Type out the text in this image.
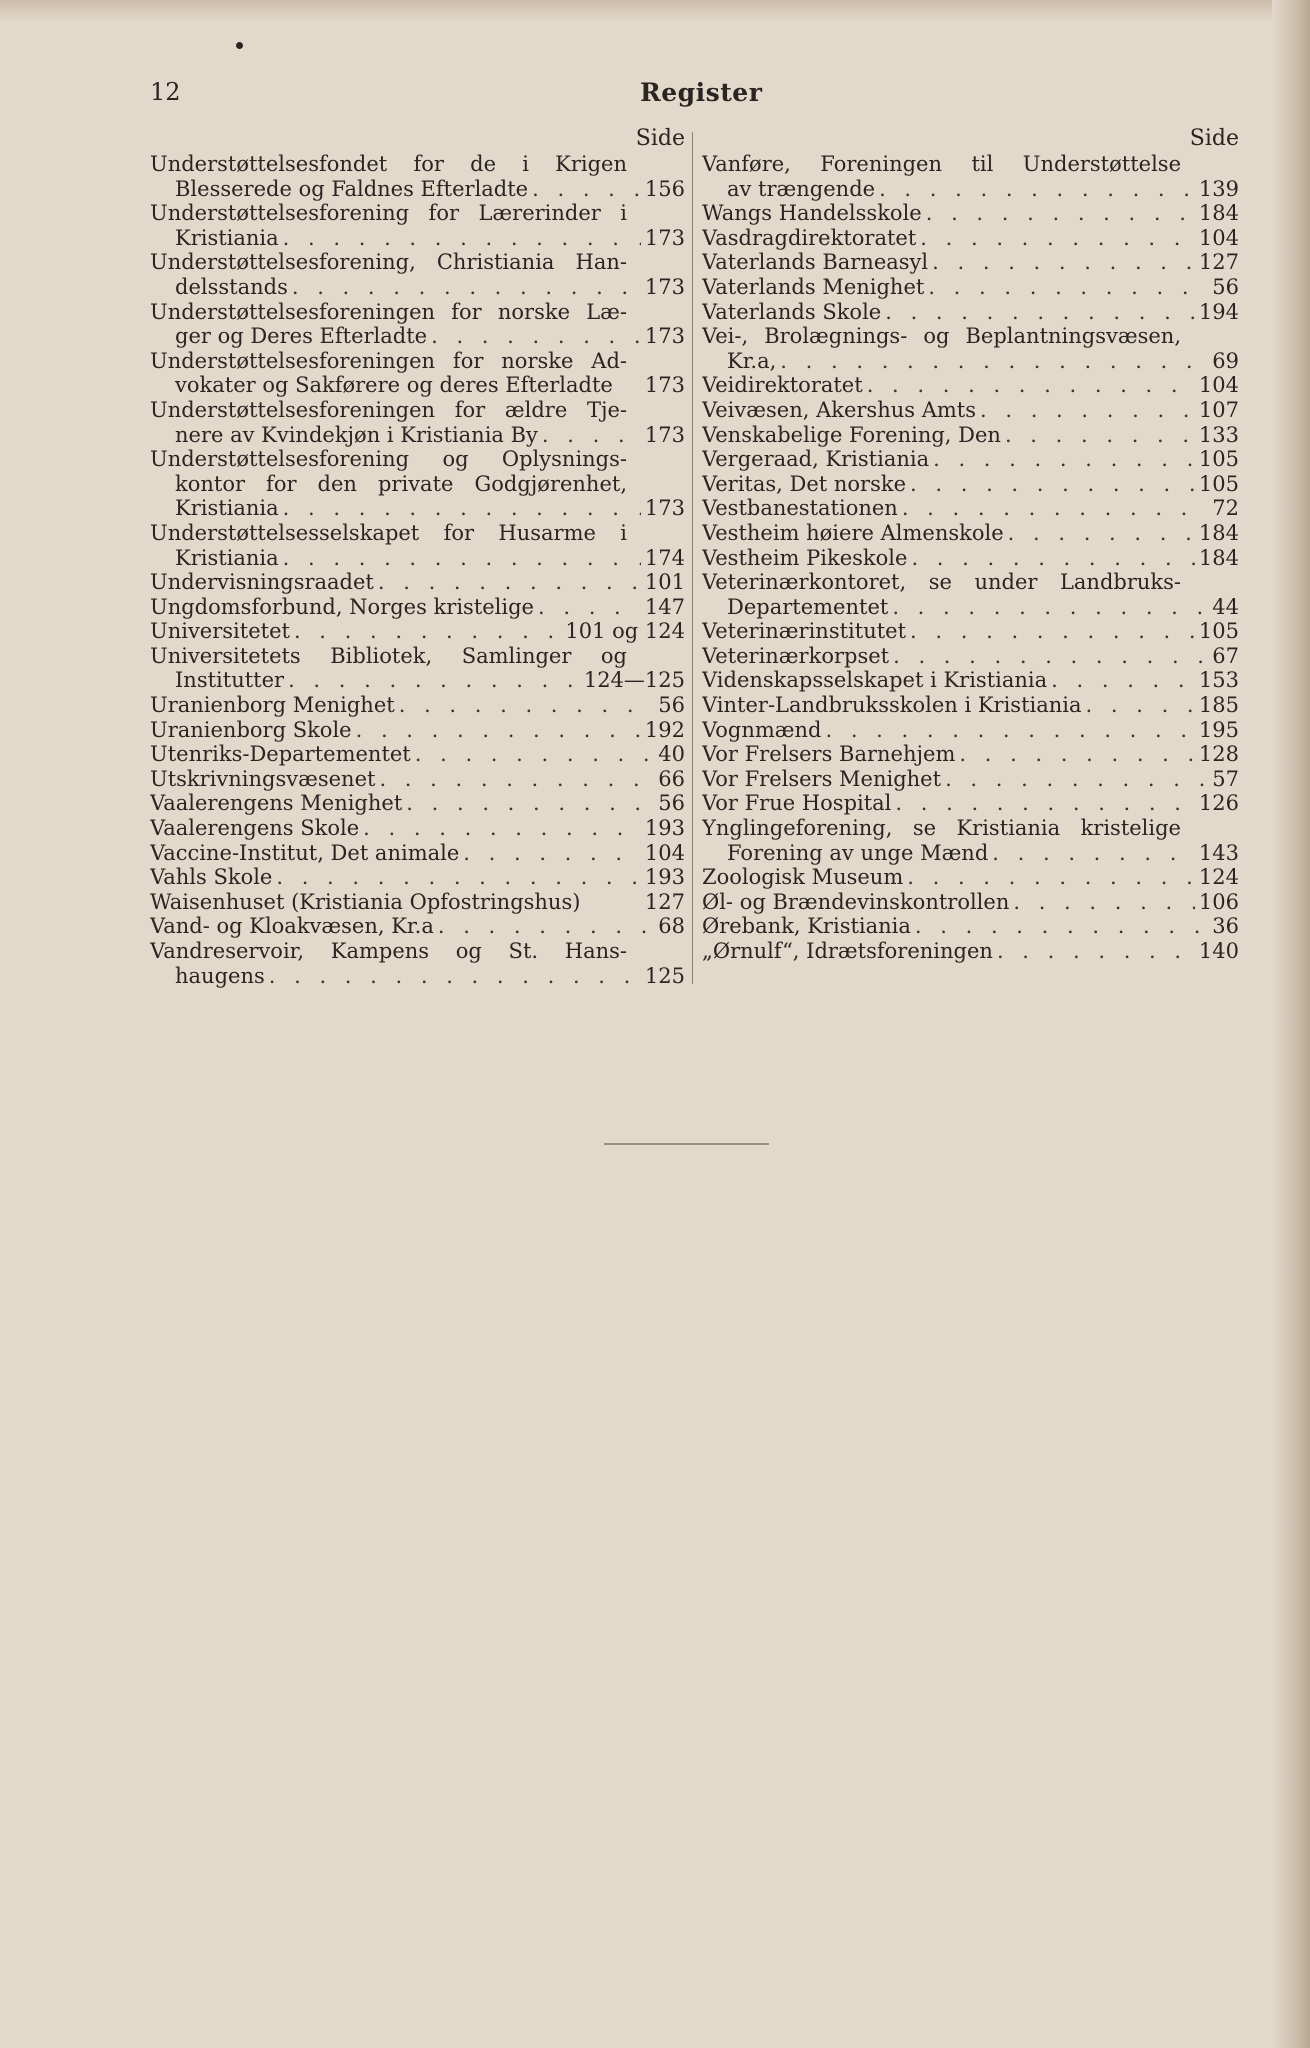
12	Register
Side
Understøttelsesfondet for de i Krigen
Blesserede og Faldnes Efterladte . . .	156
Understøttelsesforening for Lærerinder i
Kristiania . . .	173
Understøttelsesforening, Christiania Han-
delsstands . . .	173
Understøttelsesforeningen for norske Læ-
ger og Deres Efterladte . . .	173
Understøttelsesforeningen for norske Ad-
vokater og Sakførere og deres Efterladte 173
Understøttelsesforeningen for ældre Tje-
nere av Kvindekjøn i Kristiania By . . .	173
Understøttelsesforening og Oplysnings-
kontor for den private Godgjørenhet,
Kristiania . . .	173
Understøttelsesselskapet for Husarme i
Kristiania . . .	174
Undervisningsraadet . . .	101
Ungdomsforbund, Norges kristelige . . .	147
Universitetet . . .	101 og 124
Universitetets Bibliotek, Samlinger og
Institutter . . .	124—125
Uranienborg Menighet . . .	56
Uranienborg Skole . . .	192
Utenriks-Departementet . . .	40
Utskrivningsvæsenet . . .	66
Vaalerengens Menighet . . .	56
Vaalerengens Skole . . .	193
Vaccine-Institut, Det animale . . .	104
Vahls Skole . . .	193
Waisenhuset (Kristiania Opfostringshus)	127
Vand- og Kloakvæsen, Kr.a . . .	68
Vandreservoir, Kampens og St. Hans-
haugens . . .	125
Side
Vanføre, Foreningen til Understøttelse
av trængende . . .	139
Wangs Handelsskole . . .	184
Vasdragdirektoratet . . .	104
Vaterlands Barneasyl . . .	127
Vaterlands Menighet . . .	56
Vaterlands Skole . . .	194
Vei-, Brolægnings- og Beplantningsvæsen,
Kr.a, . . .	69
Veidirektoratet . . .	104
Veivæsen, Akershus Amts . . .	107
Venskabelige Forening, Den . . .	133
Vergeraad, Kristiania . . .	105
Veritas, Det norske . . .	105
Vestbanestationen . . .	72
Vestheim høiere Almenskole . . .	184
Vestheim Pikeskole . . .	184
Veterinærkontoret, se under Landbruks-
Departementet . . .	44
Veterinærinstitutet . . .	105
Veterinærkorpset . . .	67
Videnskapsselskapet i Kristiania . . .	153
Vinter-Landbruksskolen i Kristiania . . .	185
Vognmænd . . .	195
Vor Frelsers Barnehjem . . .	128
Vor Frelsers Menighet . . .	57
Vor Frue Hospital . . .	126
Ynglingeforening, se Kristiania kristelige
Forening av unge Mænd . . .	143
Zoologisk Museum . . .	124
Øl- og Brændevinskontrollen . . .	106
Ørebank, Kristiania . . .	36
„Ørnulf“, Idrætsforeningen . . .	140
